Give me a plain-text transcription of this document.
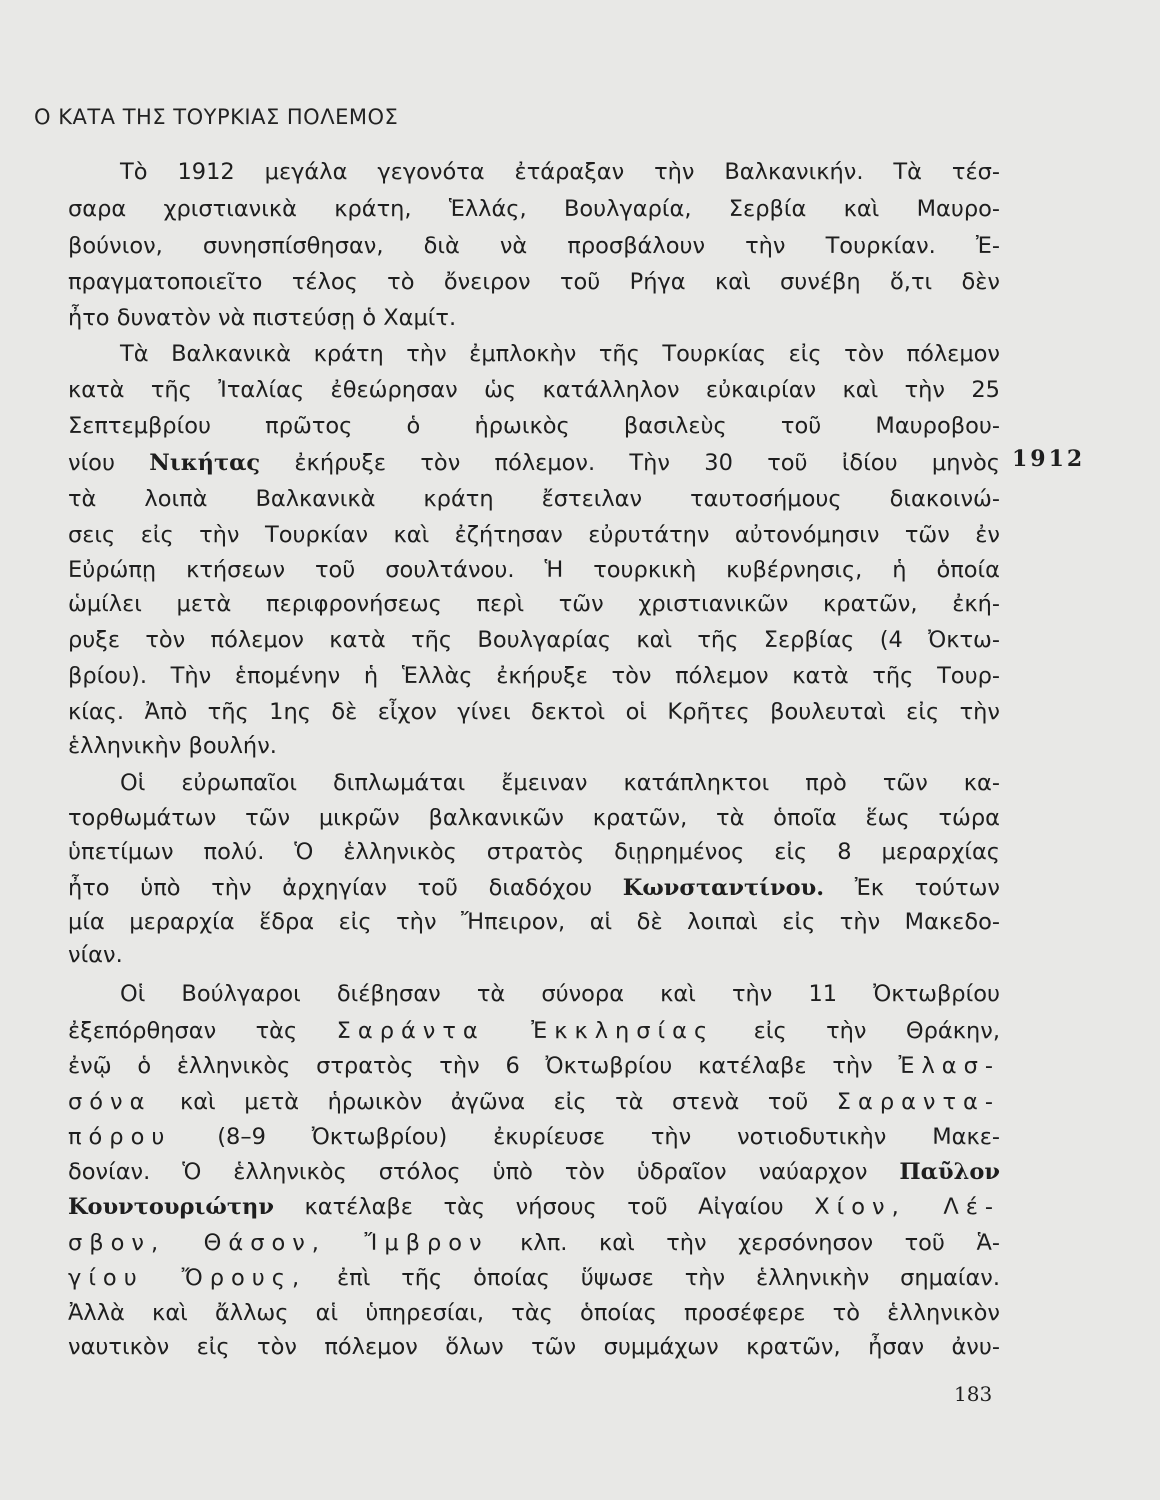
Ο ΚΑΤΑ ΤΗΣ ΤΟΥΡΚΙΑΣ ΠΟΛΕΜΟΣ
Τὸ 1912 μεγάλα γεγονότα ἐτάραξαν τὴν Βαλκανικήν. Τὰ τέσ-
σαρα χριστιανικὰ κράτη, Ἑλλάς, Βουλγαρία, Σερβία καὶ Μαυρο-
βούνιον, συνησπίσθησαν, διὰ νὰ προσβάλουν τὴν Τουρκίαν. Ἐ-
πραγματοποιεῖτο τέλος τὸ ὄνειρον τοῦ Ρήγα καὶ συνέβη ὅ,τι δὲν
ἦτο δυνατὸν νὰ πιστεύσῃ ὁ Χαμίτ.
Τὰ Βαλκανικὰ κράτη τὴν ἐμπλοκὴν τῆς Τουρκίας εἰς τὸν πόλεμον
κατὰ τῆς Ἰταλίας ἐθεώρησαν ὡς κατάλληλον εὐκαιρίαν καὶ τὴν 25
Σεπτεμβρίου πρῶτος ὁ ἡρωικὸς βασιλεὺς τοῦ Μαυροβου-
νίου Νικήτας ἐκήρυξε τὸν πόλεμον. Τὴν 30 τοῦ ἰδίου μηνὸς
τὰ λοιπὰ Βαλκανικὰ κράτη ἔστειλαν ταυτοσήμους διακοινώ-
σεις εἰς τὴν Τουρκίαν καὶ ἐζήτησαν εὐρυτάτην αὐτονόμησιν τῶν ἐν
Εὐρώπῃ κτήσεων τοῦ σουλτάνου. Ἡ τουρκικὴ κυβέρνησις, ἡ ὁποία
ὡμίλει μετὰ περιφρονήσεως περὶ τῶν χριστιανικῶν κρατῶν, ἐκή-
ρυξε τὸν πόλεμον κατὰ τῆς Βουλγαρίας καὶ τῆς Σερβίας (4 Ὀκτω-
βρίου). Τὴν ἑπομένην ἡ Ἑλλὰς ἐκήρυξε τὸν πόλεμον κατὰ τῆς Τουρ-
κίας. Ἀπὸ τῆς 1ης δὲ εἶχον γίνει δεκτοὶ οἱ Κρῆτες βουλευταὶ εἰς τὴν
ἑλληνικὴν βουλήν.
Οἱ εὐρωπαῖοι διπλωμάται ἔμειναν κατάπληκτοι πρὸ τῶν κα-
τορθωμάτων τῶν μικρῶν βαλκανικῶν κρατῶν, τὰ ὁποῖα ἕως τώρα
ὑπετίμων πολύ. Ὁ ἑλληνικὸς στρατὸς διῃρημένος εἰς 8 μεραρχίας
ἦτο ὑπὸ τὴν ἀρχηγίαν τοῦ διαδόχου Κωνσταντίνου. Ἐκ τούτων
μία μεραρχία ἕδρα εἰς τὴν Ἤπειρον, αἱ δὲ λοιπαὶ εἰς τὴν Μακεδο-
νίαν.
Οἱ Βούλγαροι διέβησαν τὰ σύνορα καὶ τὴν 11 Ὀκτωβρίου
ἐξεπόρθησαν τὰς Σαράντα Ἐκκλησίας εἰς τὴν Θράκην,
ἐνῷ ὁ ἑλληνικὸς στρατὸς τὴν 6 Ὀκτωβρίου κατέλαβε τὴν Ἐλασ-
σόνα καὶ μετὰ ἡρωικὸν ἀγῶνα εἰς τὰ στενὰ τοῦ Σαραντα-
πόρου (8–9 Ὀκτωβρίου) ἐκυρίευσε τὴν νοτιοδυτικὴν Μακε-
δονίαν. Ὁ ἑλληνικὸς στόλος ὑπὸ τὸν ὑδραῖον ναύαρχον Παῦλον
Κουντουριώτην κατέλαβε τὰς νήσους τοῦ Αἰγαίου Χίον, Λέ-
σβον, Θάσον, Ἴμβρον κλπ. καὶ τὴν χερσόνησον τοῦ Ἁ-
γίου Ὄρους, ἐπὶ τῆς ὁποίας ὕψωσε τὴν ἑλληνικὴν σημαίαν.
Ἀλλὰ καὶ ἄλλως αἱ ὑπηρεσίαι, τὰς ὁποίας προσέφερε τὸ ἑλληνικὸν
ναυτικὸν εἰς τὸν πόλεμον ὅλων τῶν συμμάχων κρατῶν, ἦσαν ἀνυ-
1912
183
